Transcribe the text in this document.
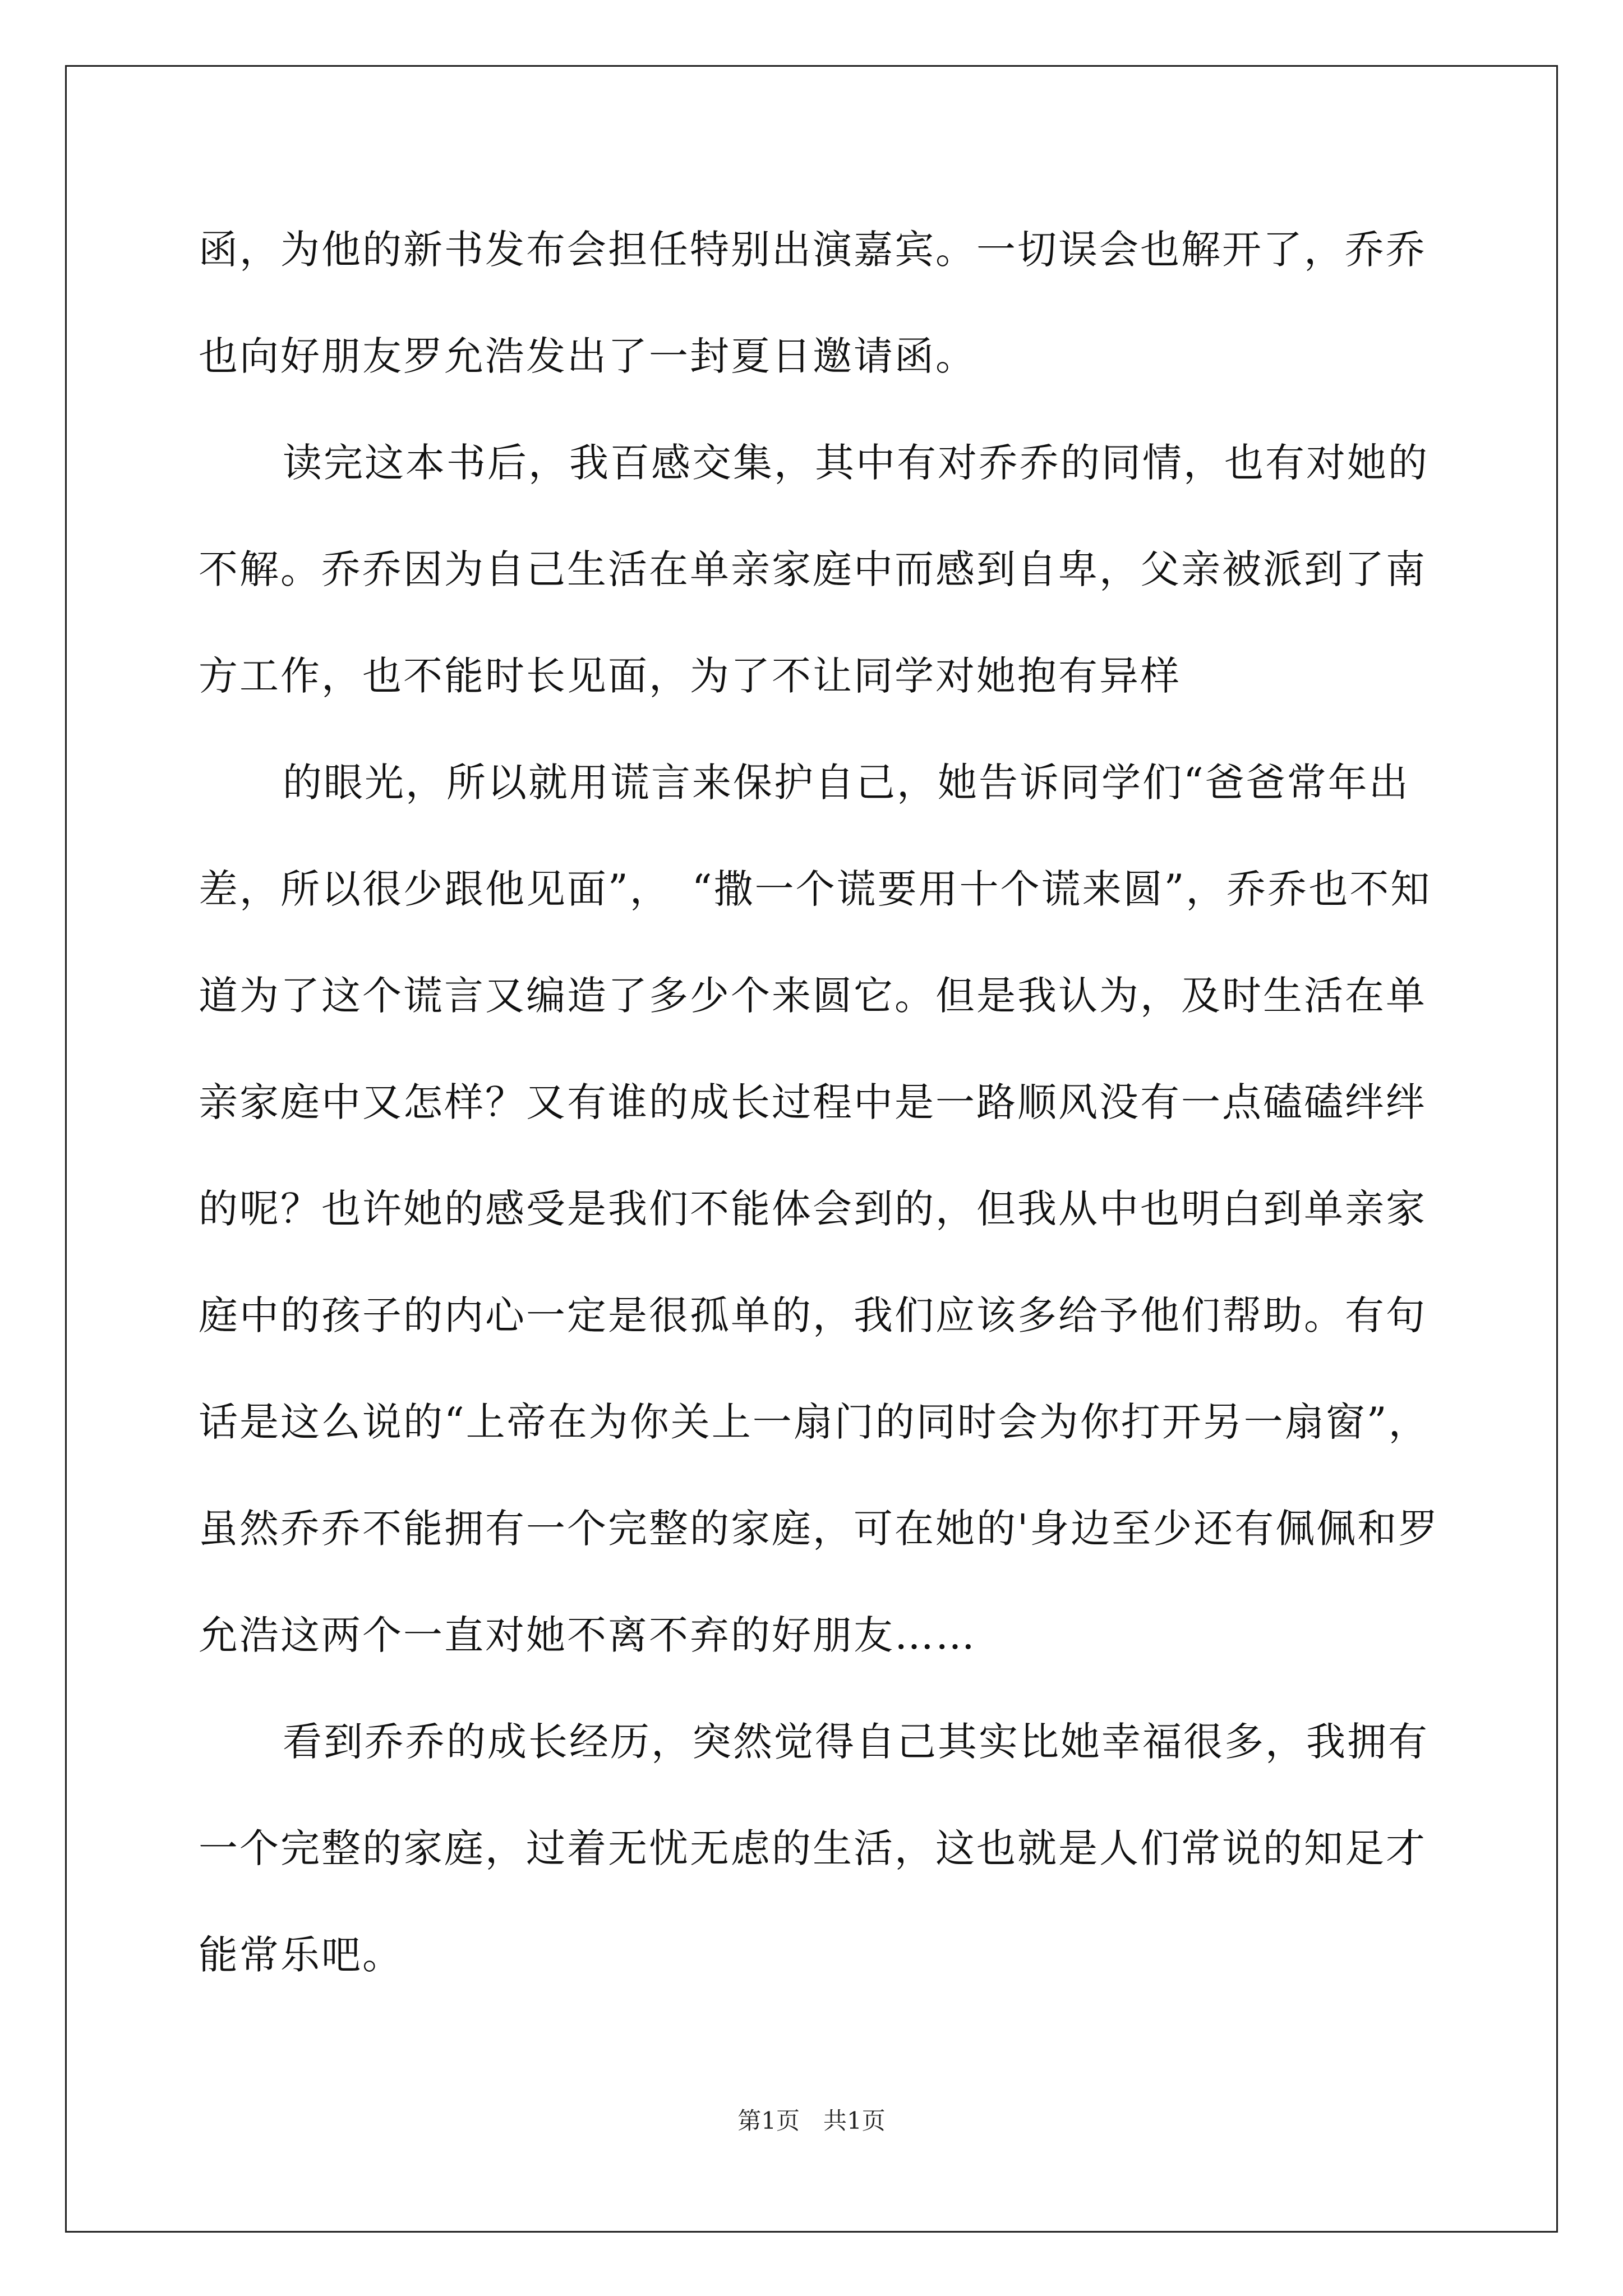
函，为他的新书发布会担任特别出演嘉宾。一切误会也解开了，乔乔
也向好朋友罗允浩发出了一封夏日邀请函。
读完这本书后，我百感交集，其中有对乔乔的同情，也有对她的
不解。乔乔因为自己生活在单亲家庭中而感到自卑，父亲被派到了南
方工作，也不能时长见面，为了不让同学对她抱有异样
的眼光，所以就用谎言来保护自己，她告诉同学们“爸爸常年出
差，所以很少跟他见面”，　“撒一个谎要用十个谎来圆”，乔乔也不知
道为了这个谎言又编造了多少个来圆它。但是我认为，及时生活在单
亲家庭中又怎样？又有谁的成长过程中是一路顺风没有一点磕磕绊绊
的呢？也许她的感受是我们不能体会到的，但我从中也明白到单亲家
庭中的孩子的内心一定是很孤单的，我们应该多给予他们帮助。有句
话是这么说的“上帝在为你关上一扇门的同时会为你打开另一扇窗”，
虽然乔乔不能拥有一个完整的家庭，可在她的'身边至少还有佩佩和罗
允浩这两个一直对她不离不弃的好朋友……
看到乔乔的成长经历，突然觉得自己其实比她幸福很多，我拥有
一个完整的家庭，过着无忧无虑的生活，这也就是人们常说的知足才
能常乐吧。
第1页　共1页
